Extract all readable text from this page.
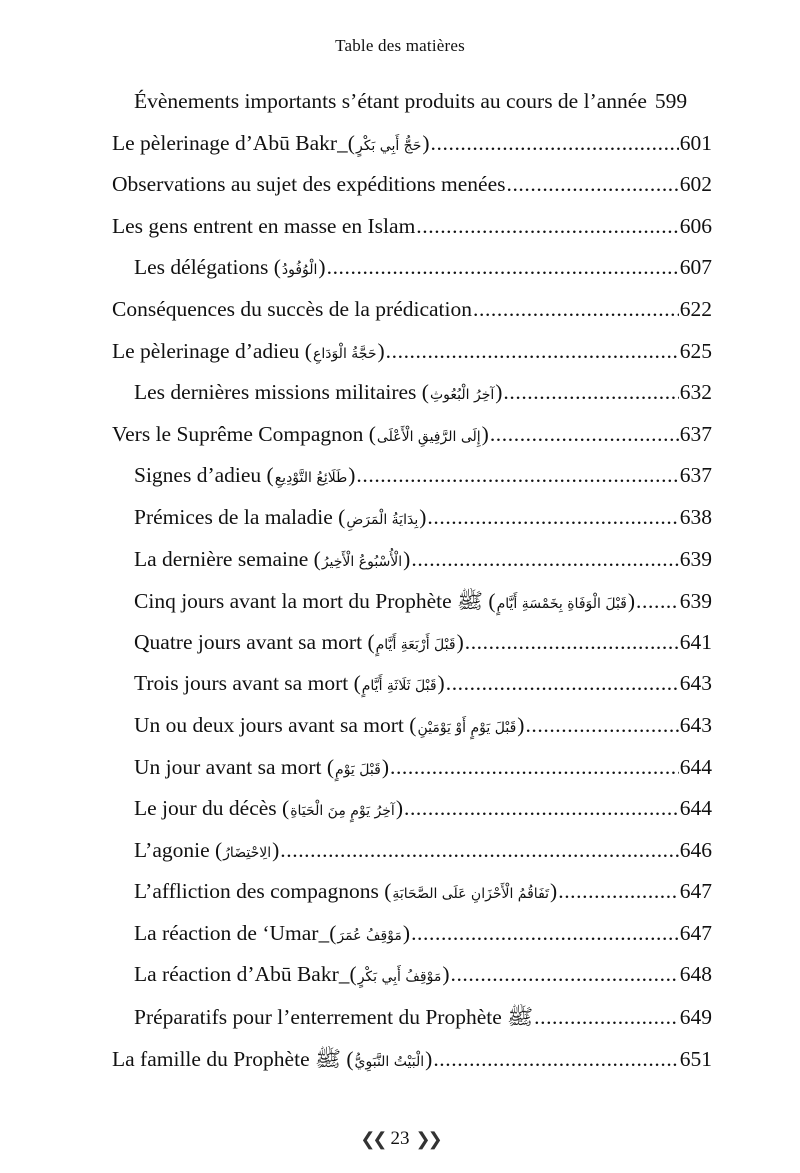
Table des matières
Évènements importants s’étant produits au cours de l’année 599
Le pèlerinage d’Abū Bakr ̲ ( حَجُّ أَبِي بَكْرٍ ) .....	601
Observations au sujet des expéditions menées .....	602
Les gens entrent en masse en Islam .....	606
Les délégations ( الْوُفُودُ ) .....	607
Conséquences du succès de la prédication .....	622
Le pèlerinage d’adieu ( حَجَّةُ الْوَدَاعِ ) .....	625
Les dernières missions militaires ( آخِرُ الْبُعُوثِ ) .....	632
Vers le Suprême Compagnon ( إِلَى الرَّفِيقِ الْأَعْلَى ) .....	637
Signes d’adieu ( طَلَائِعُ التَّوْدِيعِ ) .....	637
Prémices de la maladie ( بِدَايَةُ الْمَرَضِ ) .....	638
La dernière semaine ( الْأُسْبُوعُ الْأَخِيرُ ) .....	639
Cinq jours avant la mort du Prophète ﷺ ( قَبْلَ الْوَفَاةِ بِخَمْسَةِ أَيَّامٍ ) ..... 639
Quatre jours avant sa mort ( قَبْلَ أَرْبَعَةِ أَيَّامٍ ) .....	641
Trois jours avant sa mort ( قَبْلَ ثَلَاثَةِ أَيَّامٍ ) .....	643
Un ou deux jours avant sa mort ( قَبْلَ يَوْمٍ أَوْ يَوْمَيْنِ ) .....	643
Un jour avant sa mort ( قَبْلَ يَوْمٍ ) .....	644
Le jour du décès ( آخِرُ يَوْمٍ مِنَ الْحَيَاةِ ) .....	644
L’agonie ( الِاحْتِضَارُ ) .....	646
L’affliction des compagnons ( تَفَاقُمُ الْأَحْزَانِ عَلَى الصَّحَابَةِ ) .....	647
La réaction de ‘Umar ̲ ( مَوْقِفُ عُمَرَ ) .....	647
La réaction d’Abū Bakr ̲ ( مَوْقِفُ أَبِي بَكْرٍ ) .....	648
Préparatifs pour l’enterrement du Prophète ﷺ .....	649
La famille du Prophète ﷺ ( الْبَيْتُ النَّبَوِيُّ ) .....	651
❮❮ 23 ❯❯
